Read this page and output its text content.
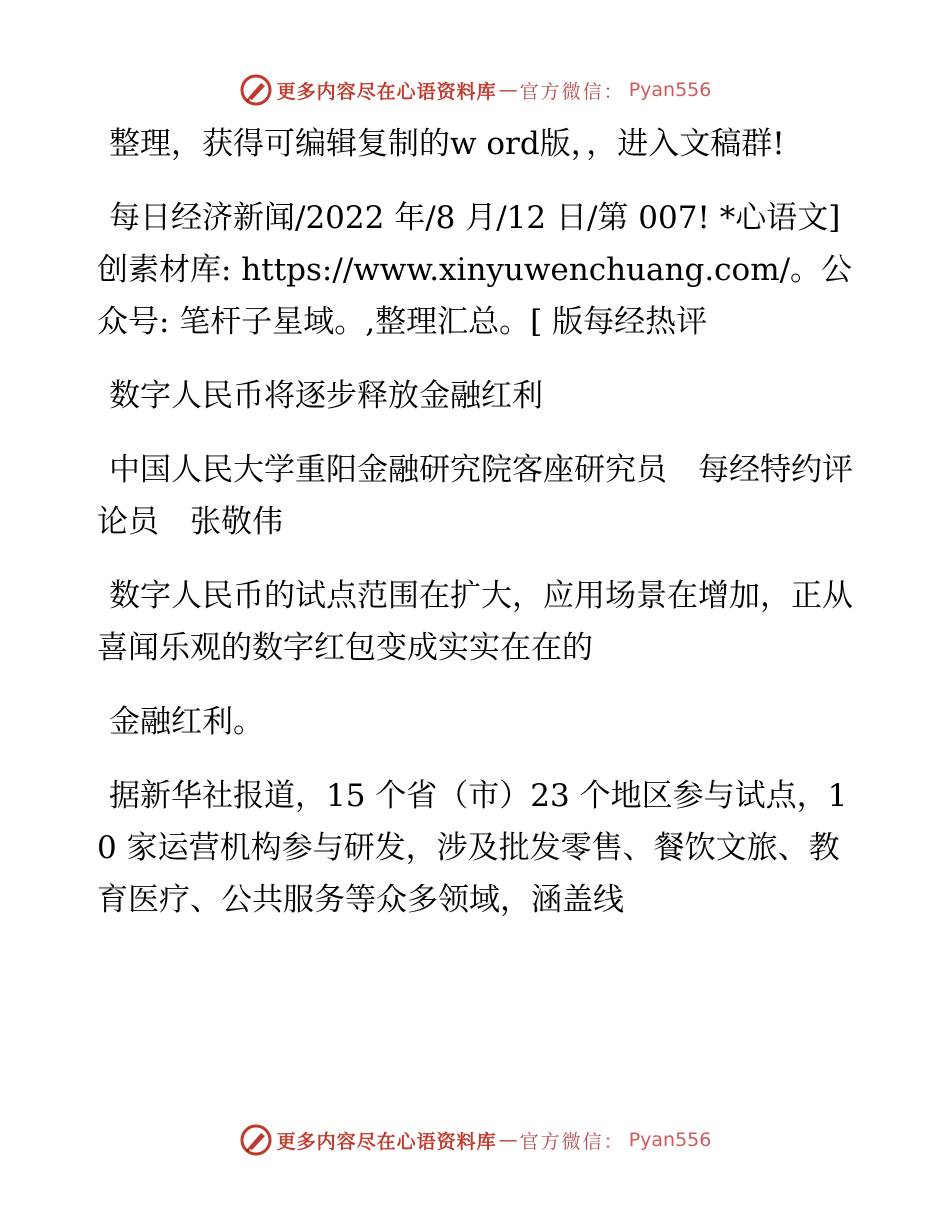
更多内容尽在心语资料库 — 官方微信： Pyan556

整理，获得可编辑复制的w ord版，，进入文稿群!

每日经济新闻/2022 年/8 月/12 日/第 007! *心语文]创素材库: https://www.xinyuwenchuang.com/。公众号: 笔杆子星域。,整理汇总。[ 版每经热评

数字人民币将逐步释放金融红利

中国人民大学重阳金融研究院客座研究员　每经特约评论员　张敬伟

数字人民币的试点范围在扩大，应用场景在增加，正从喜闻乐观的数字红包变成实实在在的

金融红利。

据新华社报道，15 个省（市）23 个地区参与试点，10 家运营机构参与研发，涉及批发零售、餐饮文旅、教育医疗、公共服务等众多领域，涵盖线

更多内容尽在心语资料库 — 官方微信： Pyan556
